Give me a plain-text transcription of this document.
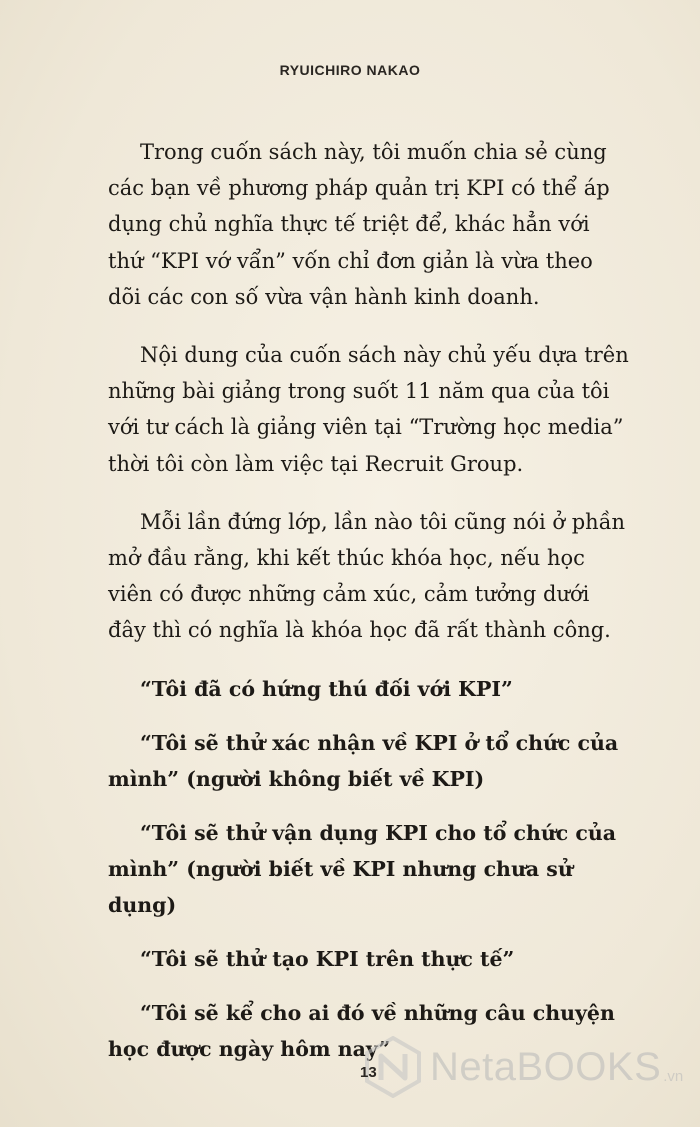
RYUICHIRO NAKAO

Trong cuốn sách này, tôi muốn chia sẻ cùng các bạn về phương pháp quản trị KPI có thể áp dụng chủ nghĩa thực tế triệt để, khác hẳn với thứ “KPI vớ vẩn” vốn chỉ đơn giản là vừa theo dõi các con số vừa vận hành kinh doanh.

Nội dung của cuốn sách này chủ yếu dựa trên những bài giảng trong suốt 11 năm qua của tôi với tư cách là giảng viên tại “Trường học media” thời tôi còn làm việc tại Recruit Group.

Mỗi lần đứng lớp, lần nào tôi cũng nói ở phần mở đầu rằng, khi kết thúc khóa học, nếu học viên có được những cảm xúc, cảm tưởng dưới đây thì có nghĩa là khóa học đã rất thành công.

“Tôi đã có hứng thú đối với KPI”

“Tôi sẽ thử xác nhận về KPI ở tổ chức của mình” (người không biết về KPI)

“Tôi sẽ thử vận dụng KPI cho tổ chức của mình” (người biết về KPI nhưng chưa sử dụng)

“Tôi sẽ thử tạo KPI trên thực tế”

“Tôi sẽ kể cho ai đó về những câu chuyện học được ngày hôm nay” NetaBOOKS .vn
13
